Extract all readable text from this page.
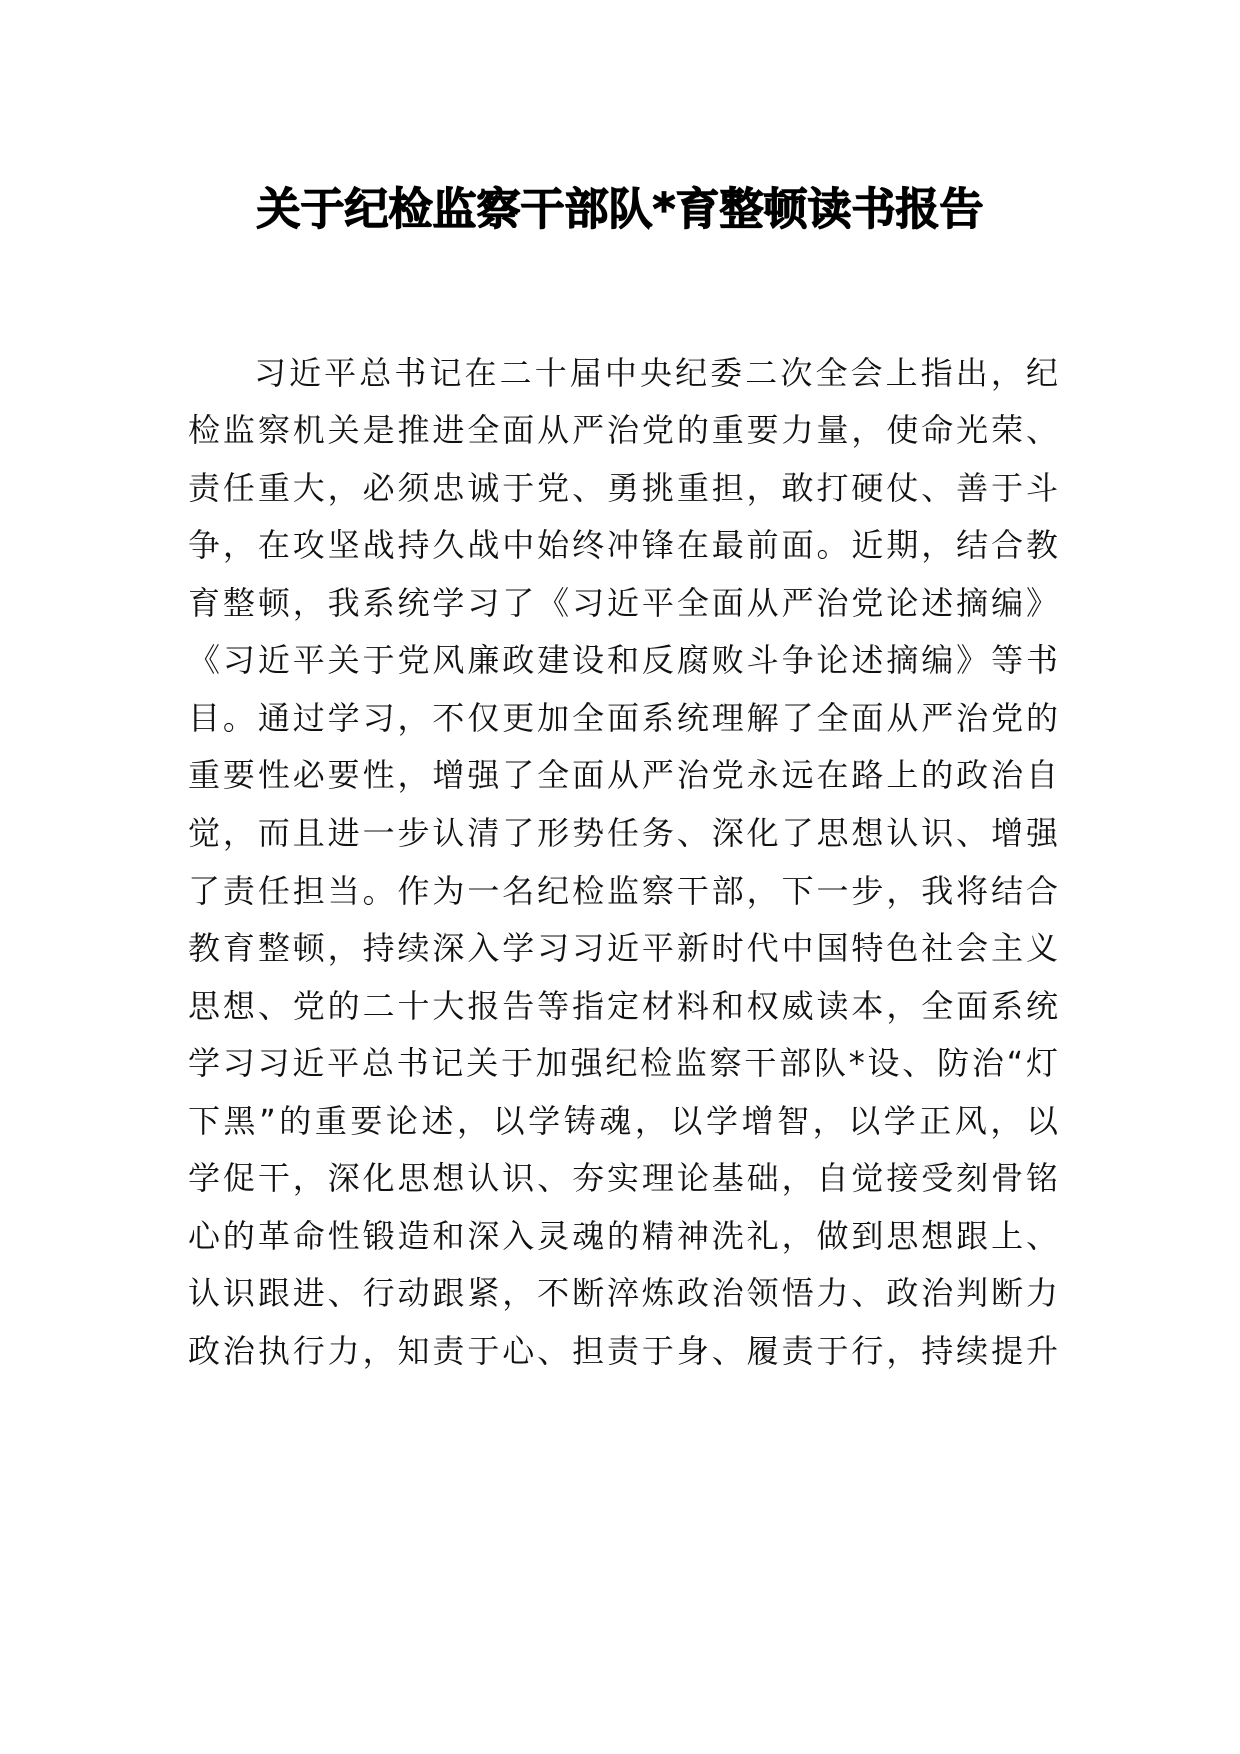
关于纪检监察干部队*育整顿读书报告
习近平总书记在二十届中央纪委二次全会上指出，纪
检监察机关是推进全面从严治党的重要力量，使命光荣、
责任重大，必须忠诚于党、勇挑重担，敢打硬仗、善于斗
争，在攻坚战持久战中始终冲锋在最前面。近期，结合教
育整顿，我系统学习了《习近平全面从严治党论述摘编》
《习近平关于党风廉政建设和反腐败斗争论述摘编》等书
目。通过学习，不仅更加全面系统理解了全面从严治党的
重要性必要性，增强了全面从严治党永远在路上的政治自
觉，而且进一步认清了形势任务、深化了思想认识、增强
了责任担当。作为一名纪检监察干部，下一步，我将结合
教育整顿，持续深入学习习近平新时代中国特色社会主义
思想、党的二十大报告等指定材料和权威读本，全面系统
学习习近平总书记关于加强纪检监察干部队*设、防治“灯
下黑”的重要论述，以学铸魂，以学增智，以学正风，以
学促干，深化思想认识、夯实理论基础，自觉接受刻骨铭
心的革命性锻造和深入灵魂的精神洗礼，做到思想跟上、
认识跟进、行动跟紧，不断淬炼政治领悟力、政治判断力
政治执行力，知责于心、担责于身、履责于行，持续提升
